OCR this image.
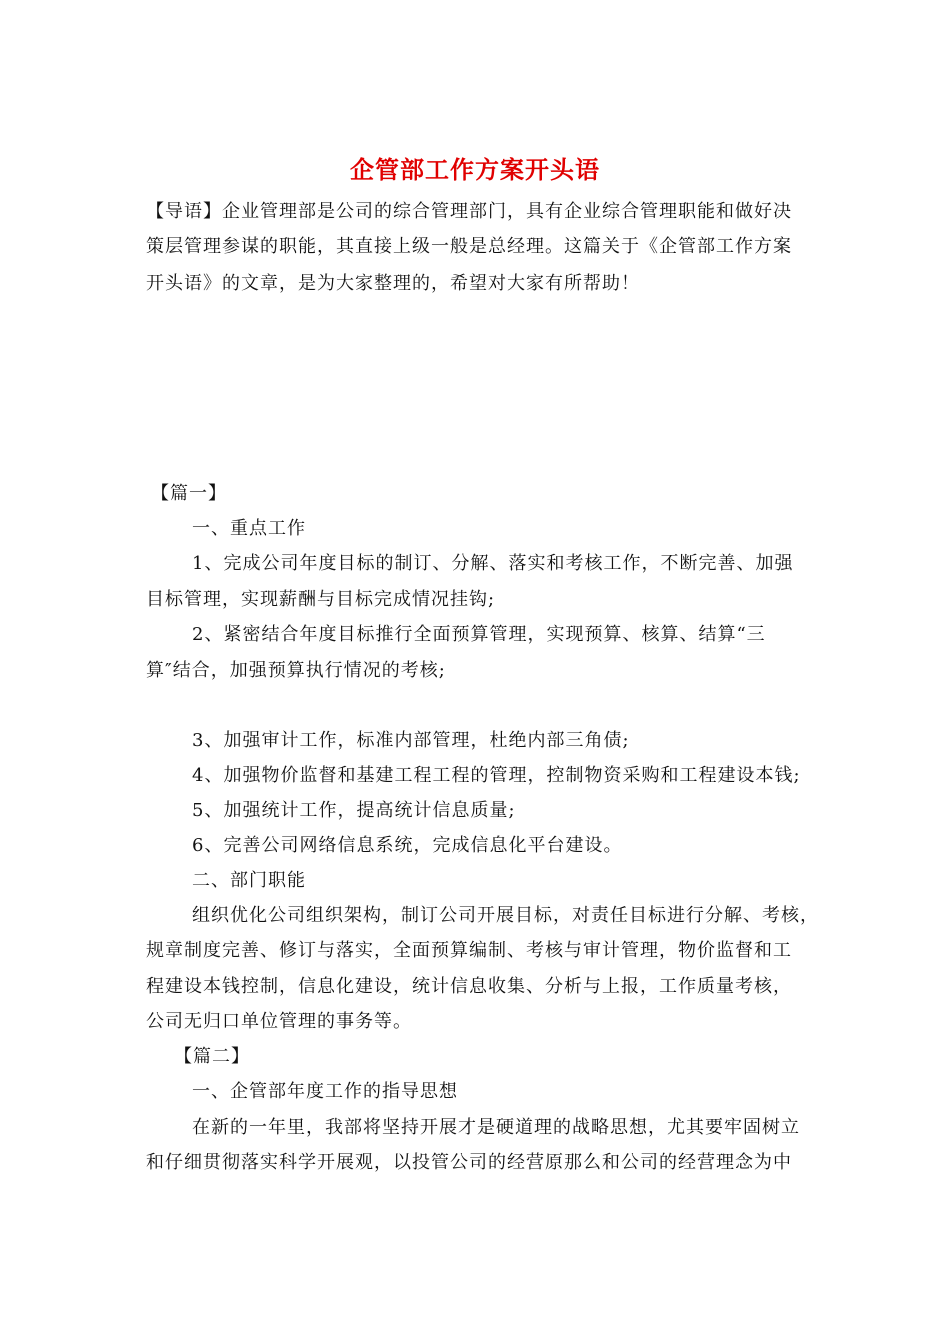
企管部工作方案开头语
【导语】企业管理部是公司的综合管理部门，具有企业综合管理职能和做好决
策层管理参谋的职能，其直接上级一般是总经理。这篇关于《企管部工作方案
开头语》的文章，是为大家整理的，希望对大家有所帮助！
【篇一】
一、重点工作
1、完成公司年度目标的制订、分解、落实和考核工作，不断完善、加强
目标管理，实现薪酬与目标完成情况挂钩;
2、紧密结合年度目标推行全面预算管理，实现预算、核算、结算“三
算″结合，加强预算执行情况的考核;
3、加强审计工作，标准内部管理，杜绝内部三角债;
4、加强物价监督和基建工程工程的管理，控制物资采购和工程建设本钱;
5、加强统计工作，提高统计信息质量;
6、完善公司网络信息系统，完成信息化平台建设。
二、部门职能
组织优化公司组织架构，制订公司开展目标，对责任目标进行分解、考核，
规章制度完善、修订与落实，全面预算编制、考核与审计管理，物价监督和工
程建设本钱控制，信息化建设，统计信息收集、分析与上报，工作质量考核，
公司无归口单位管理的事务等。
【篇二】
一、企管部年度工作的指导思想
在新的一年里，我部将坚持开展才是硬道理的战略思想，尤其要牢固树立
和仔细贯彻落实科学开展观，以投管公司的经营原那么和公司的经营理念为中
